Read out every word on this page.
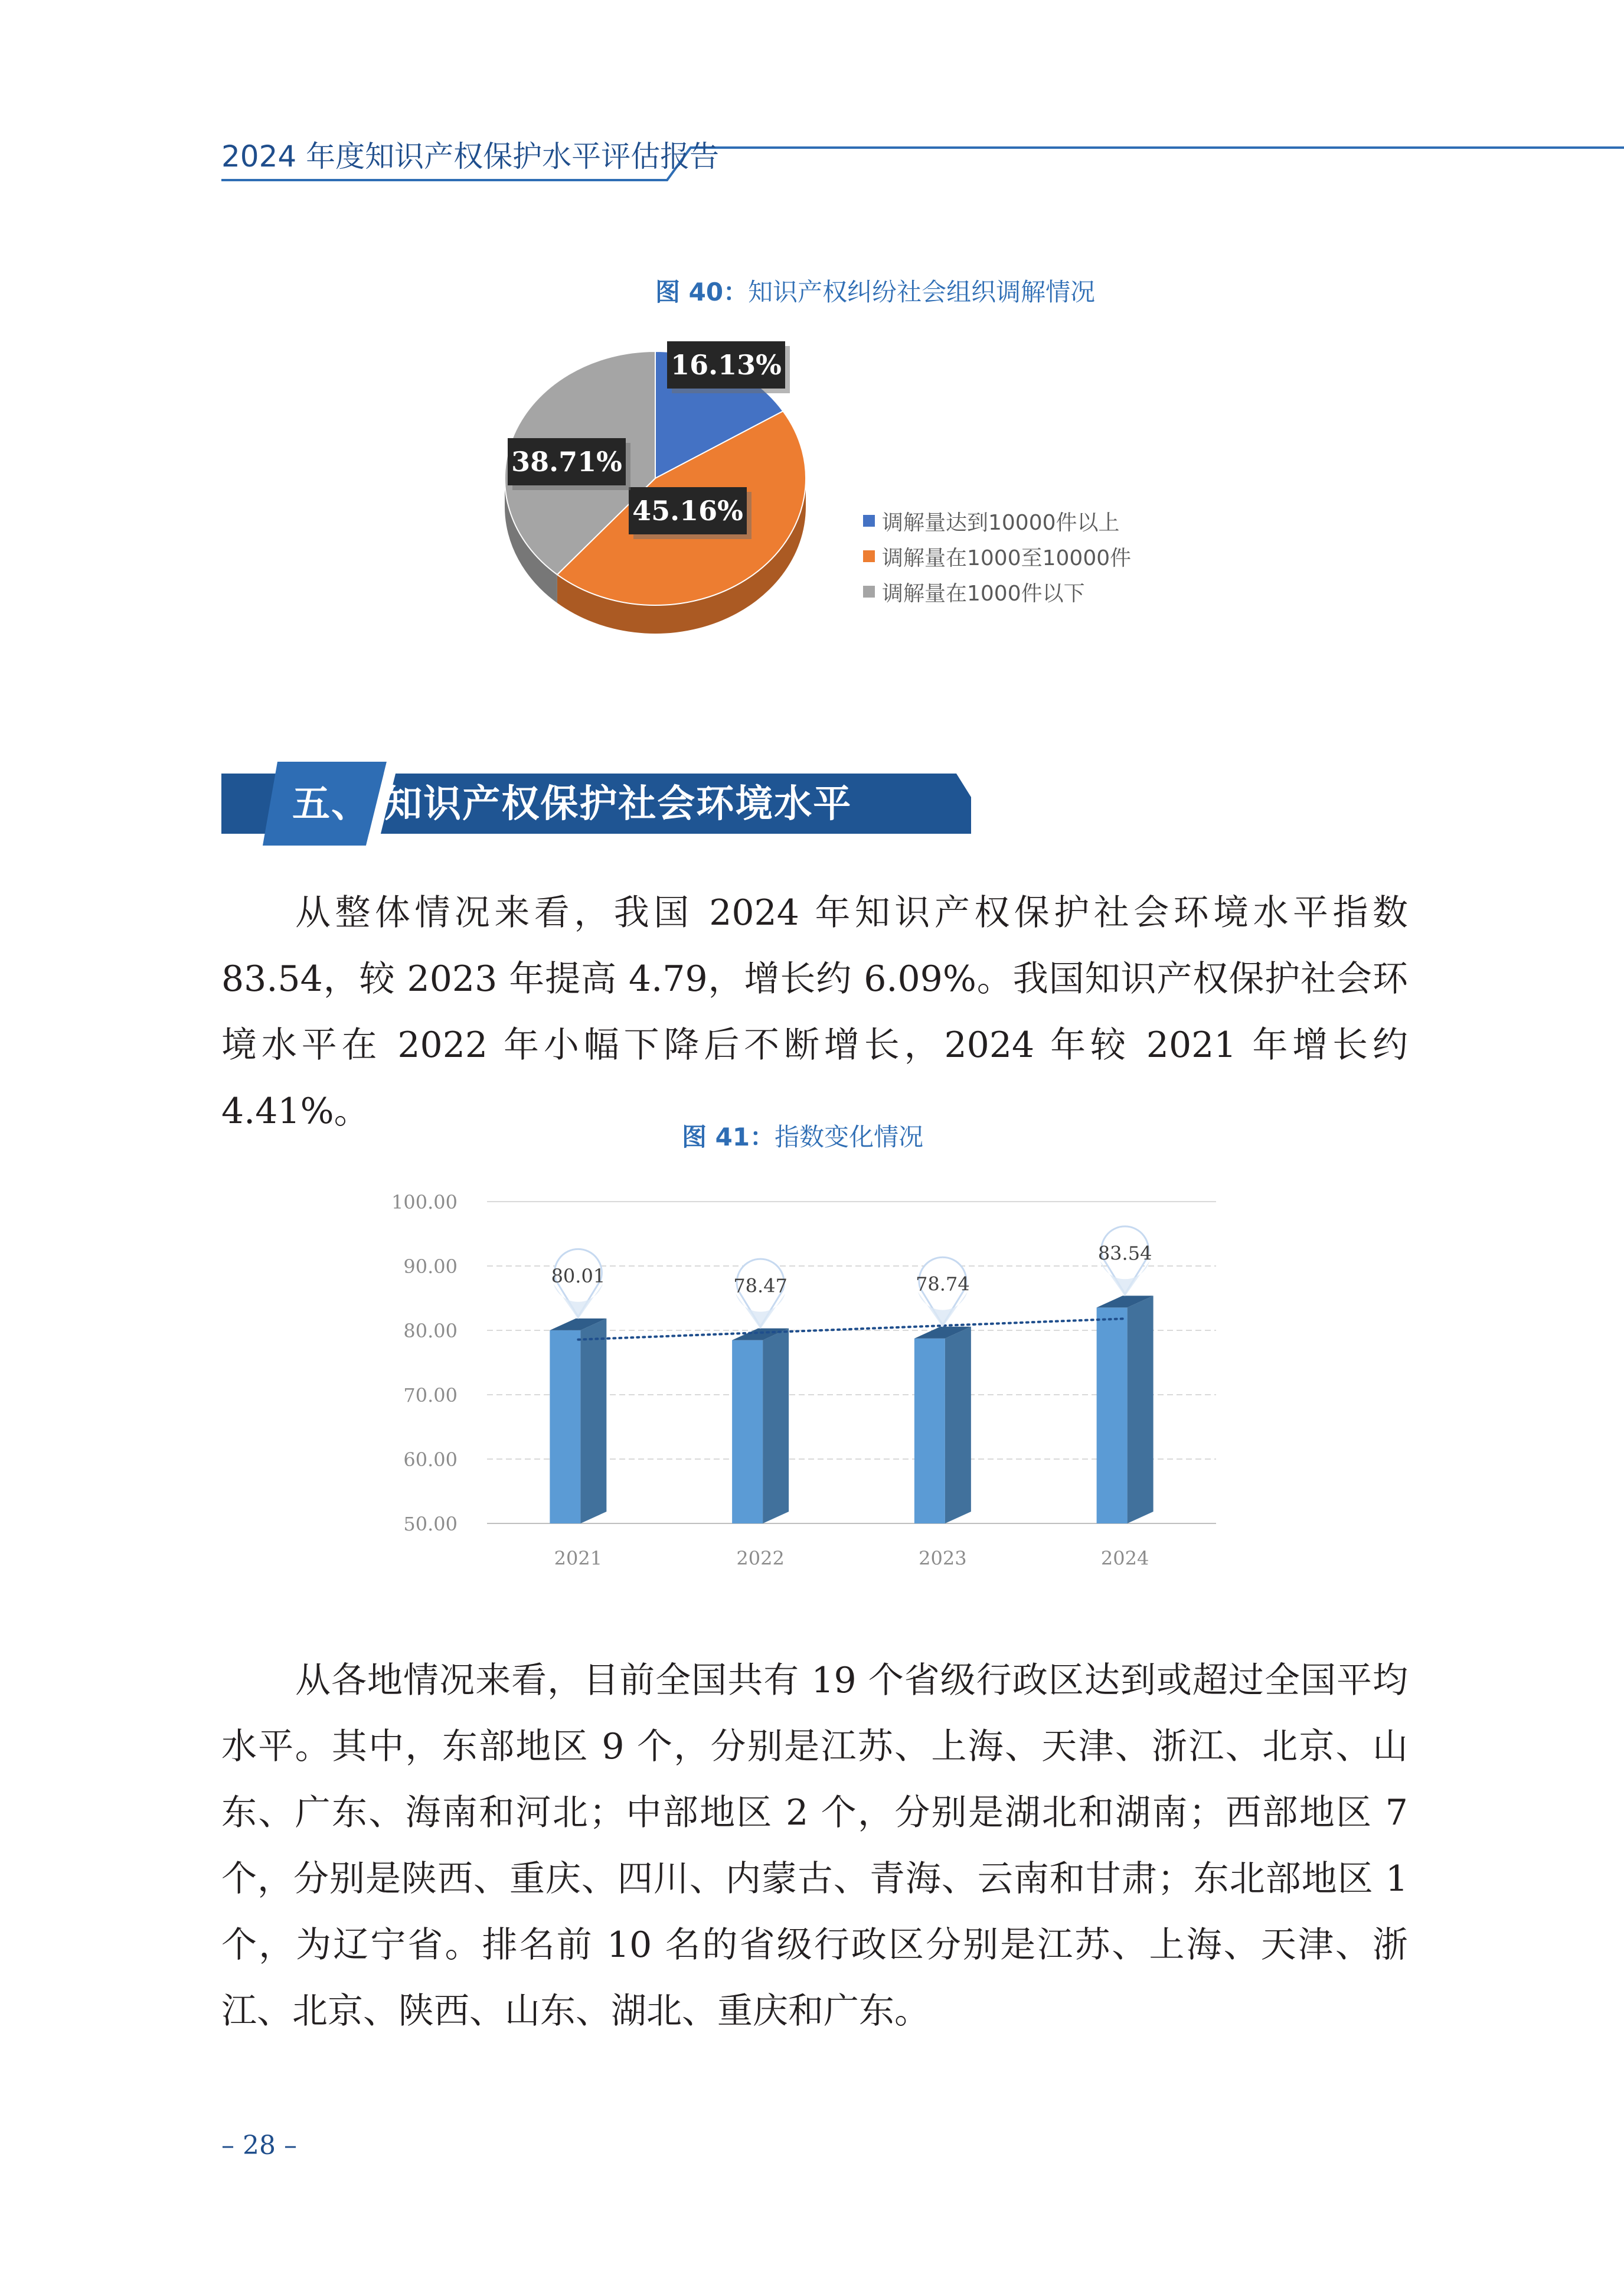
2024 年度知识产权保护水平评估报告
图 40：知识产权纠纷社会组织调解情况
16.13%
45.16%
38.71%
调解量达到10000件以上
调解量在1000至10000件
调解量在1000件以下
五、 知识产权保护社会环境水平

从整体情况来看，我国 2024 年知识产权保护社会环境水平指数 83.54，较 2023 年提高 4.79，增长约 6.09%。我国知识产权保护社会环境水平在 2022 年小幅下降后不断增长，2024 年较 2021 年增长约 4.41%。

图 41：指数变化情况
100.00
90.00
80.00
70.00
60.00
50.00
80.01	78.47	78.74
83.54
2021	2022	2023	2024

从各地情况来看，目前全国共有 19 个省级行政区达到或超过全国平均水平。其中，东部地区 9 个，分别是江苏、上海、天津、浙江、北京、山东、广东、海南和河北；中部地区 2 个，分别是湖北和湖南；西部地区 7 个，分别是陕西、重庆、四川、内蒙古、青海、云南和甘肃；东北部地区 1 个，为辽宁省。排名前 10 名的省级行政区分别是江苏、上海、天津、浙江、北京、陕西、山东、湖北、重庆和广东。

– 28 –
